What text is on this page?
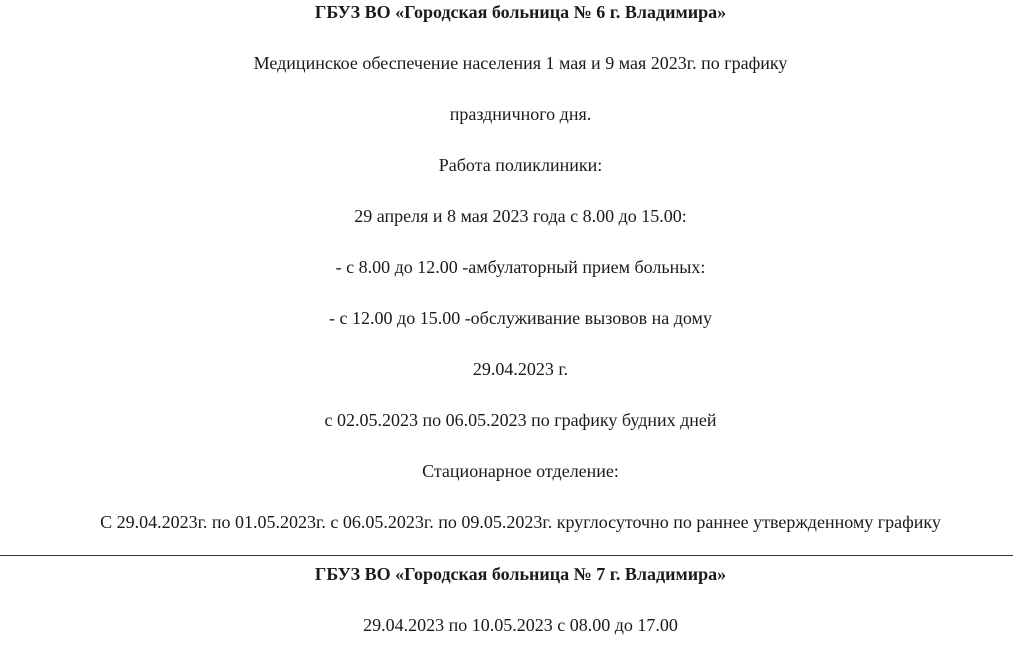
ГБУЗ ВО «Городская больница № 6 г. Владимира»
Медицинское обеспечение населения 1 мая и 9 мая 2023г. по графику
праздничного дня.
Работа поликлиники:
29 апреля и 8 мая 2023 года с 8.00 до 15.00:
- с 8.00 до 12.00 -амбулаторный прием больных:
- с 12.00 до 15.00 -обслуживание вызовов на дому
29.04.2023 г.
с 02.05.2023 по 06.05.2023 по графику будних дней
Стационарное отделение:
С 29.04.2023г. по 01.05.2023г. с 06.05.2023г. по 09.05.2023г. круглосуточно по раннее утвержденному графику
ГБУЗ ВО «Городская больница № 7 г. Владимира»
29.04.2023 по 10.05.2023 с 08.00 до 17.00
